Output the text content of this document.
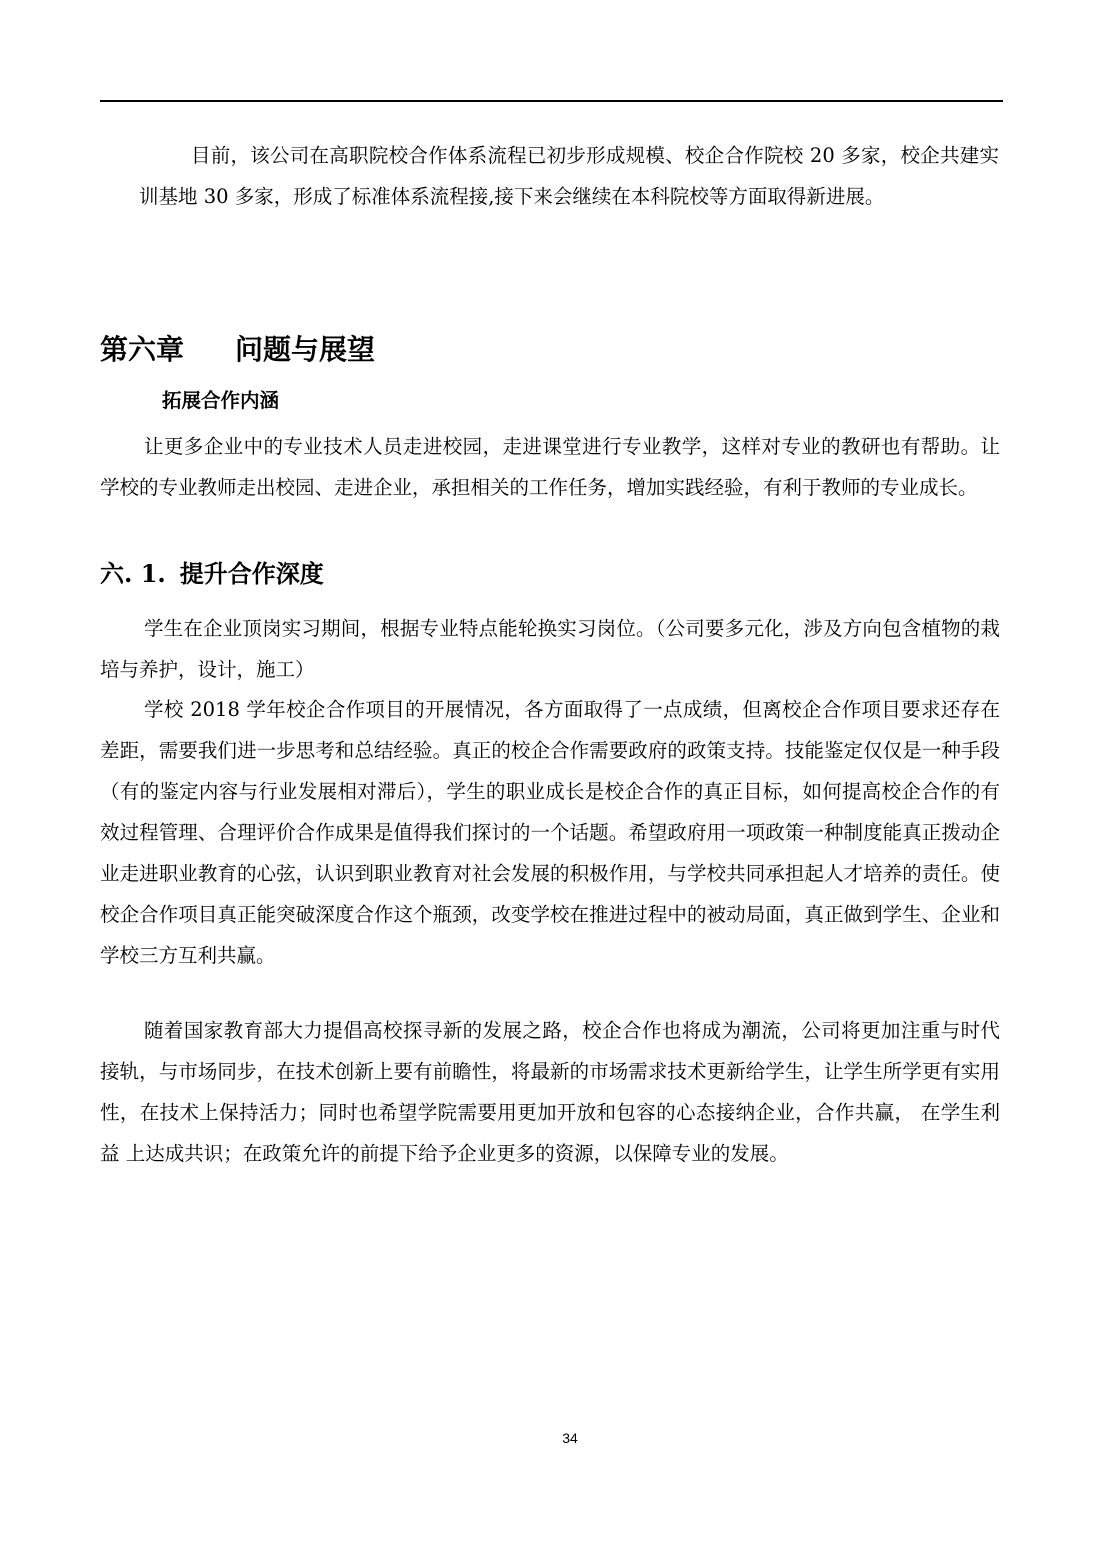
目前，该公司在高职院校合作体系流程已初步形成规模、校企合作院校 20 多家，校企共建实训基地 30 多家，形成了标准体系流程接,接下来会继续在本科院校等方面取得新进展。

第六章 问题与展望
拓展合作内涵

让更多企业中的专业技术人员走进校园，走进课堂进行专业教学，这样对专业的教研也有帮助。让学校的专业教师走出校园、走进企业，承担相关的工作任务，增加实践经验，有利于教师的专业成长。

六. 1. 提升合作深度

学生在企业顶岗实习期间，根据专业特点能轮换实习岗位。（公司要多元化，涉及方向包含植物的栽培与养护，设计，施工）

学校 2018 学年校企合作项目的开展情况，各方面取得了一点成绩，但离校企合作项目要求还存在差距，需要我们进一步思考和总结经验。真正的校企合作需要政府的政策支持。技能鉴定仅仅是一种手段（有的鉴定内容与行业发展相对滞后），学生的职业成长是校企合作的真正目标，如何提高校企合作的有效过程管理、合理评价合作成果是值得我们探讨的一个话题。希望政府用一项政策一种制度能真正拨动企业走进职业教育的心弦，认识到职业教育对社会发展的积极作用，与学校共同承担起人才培养的责任。使校企合作项目真正能突破深度合作这个瓶颈，改变学校在推进过程中的被动局面，真正做到学生、企业和学校三方互利共赢。

随着国家教育部大力提倡高校探寻新的发展之路，校企合作也将成为潮流，公司将更加注重与时代接轨，与市场同步，在技术创新上要有前瞻性，将最新的市场需求技术更新给学生，让学生所学更有实用性，在技术上保持活力；同时也希望学院需要用更加开放和包容的心态接纳企业，合作共赢， 在学生利益 上达成共识；在政策允许的前提下给予企业更多的资源，以保障专业的发展。

34
